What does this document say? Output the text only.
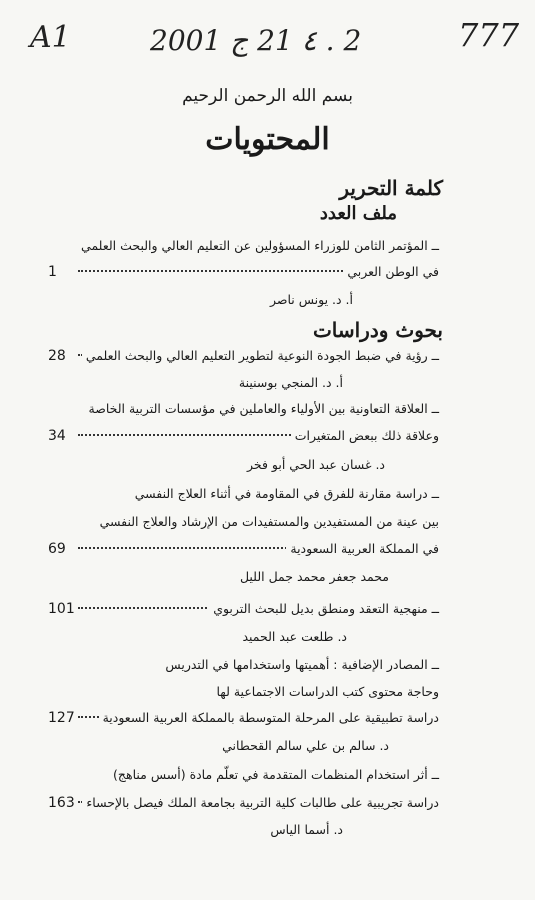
A1	2 . ٤ 21 ج 2001	777
بسم الله الرحمن الرحيم
المحتويات
كلمة التحرير
ملف العدد
ــ المؤتمر الثامن للوزراء المسؤولين عن التعليم العالي والبحث العلمي
في الوطن العربي
1
أ. د. يونس ناصر
بحوث ودراسات
ــ رؤية في ضبط الجودة النوعية لتطوير التعليم العالي والبحث العلمي
28
أ. د. المنجي بوسنينة
ــ العلاقة التعاونية بين الأولياء والعاملين في مؤسسات التربية الخاصة
وعلاقة ذلك ببعض المتغيرات
34
د. غسان عبد الحي أبو فخر
ــ دراسة مقارنة للفرق في المقاومة في أثناء العلاج النفسي
بين عينة من المستفيدين والمستفيدات من الإرشاد والعلاج النفسي
في المملكة العربية السعودية
69
محمد جعفر محمد جمل الليل
ــ منهجية التعقد ومنطق بديل للبحث التربوي
101
د. طلعت عبد الحميد
ــ المصادر الإضافية : أهميتها واستخدامها في التدريس
وحاجة محتوى كتب الدراسات الاجتماعية لها
دراسة تطبيقية على المرحلة المتوسطة بالمملكة العربية السعودية
127
د. سالم بن علي سالم القحطاني
ــ أثر استخدام المنظمات المتقدمة في تعلّم مادة (أسس مناهج)
دراسة تجريبية على طالبات كلية التربية بجامعة الملك فيصل بالإحساء
163
د. أسما الياس
